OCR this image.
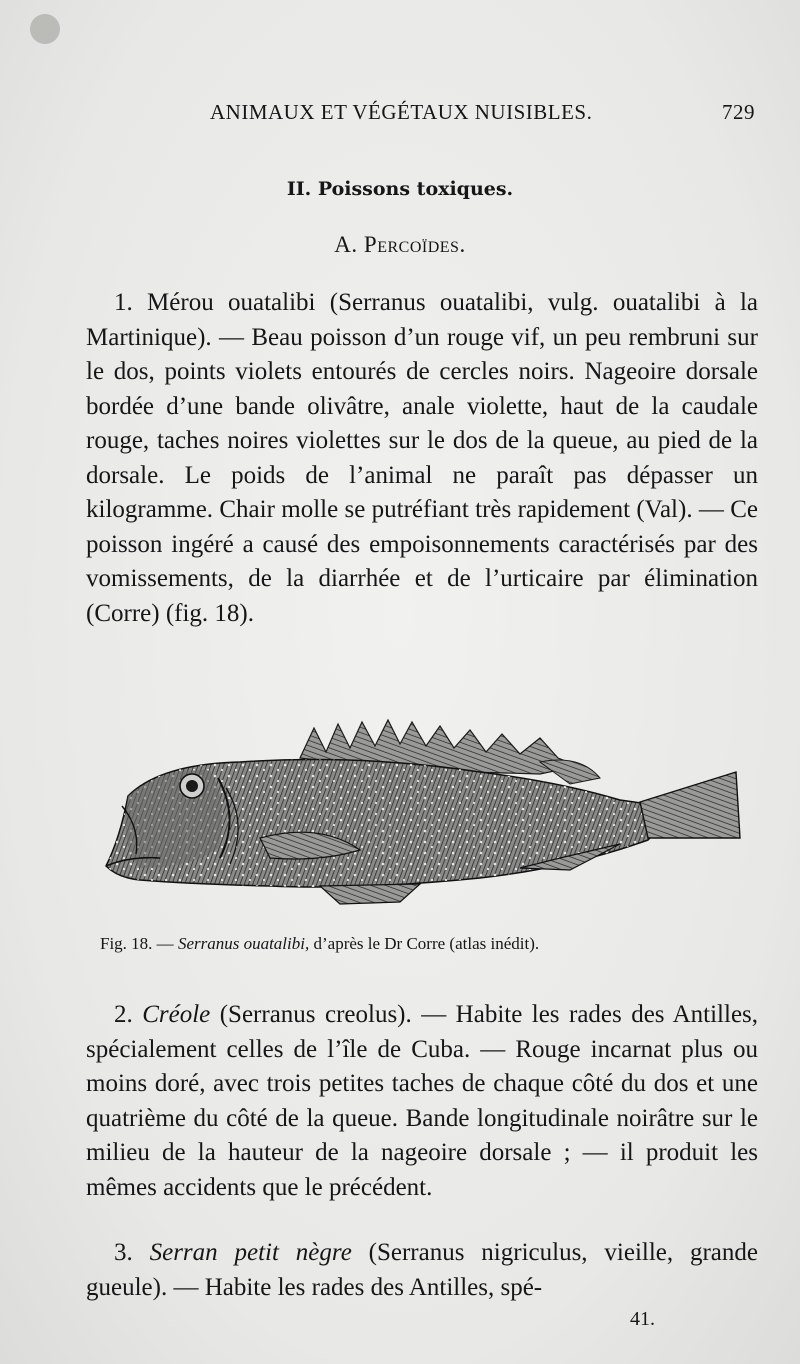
ANIMAUX ET VÉGÉTAUX NUISIBLES.	729
II. Poissons toxiques.
A. Percoïdes.

1. Mérou ouatalibi (Serranus ouatalibi, vulg. ouatalibi à la Martinique). — Beau poisson d’un rouge vif, un peu rembruni sur le dos, points violets entourés de cercles noirs. Nageoire dorsale bordée d’une bande olivâtre, anale violette, haut de la caudale rouge, taches noires violettes sur le dos de la queue, au pied de la dorsale. Le poids de l’animal ne paraît pas dépasser un kilogramme. Chair molle se putréfiant très rapidement (Val). — Ce poisson ingéré a causé des empoisonnements caractérisés par des vomissements, de la diarrhée et de l’urticaire par élimination (Corre) (fig. 18).

Fig. 18. — Serranus ouatalibi, d’après le Dr Corre (atlas inédit).

2. Créole (Serranus creolus). — Habite les rades des Antilles, spécialement celles de l’île de Cuba. — Rouge incarnat plus ou moins doré, avec trois petites taches de chaque côté du dos et une quatrième du côté de la queue. Bande longitudinale noirâtre sur le milieu de la hauteur de la nageoire dorsale ; — il produit les mêmes accidents que le précédent.

3. Serran petit nègre (Serranus nigriculus, vieille, grande gueule). — Habite les rades des Antilles, spé-

41.
